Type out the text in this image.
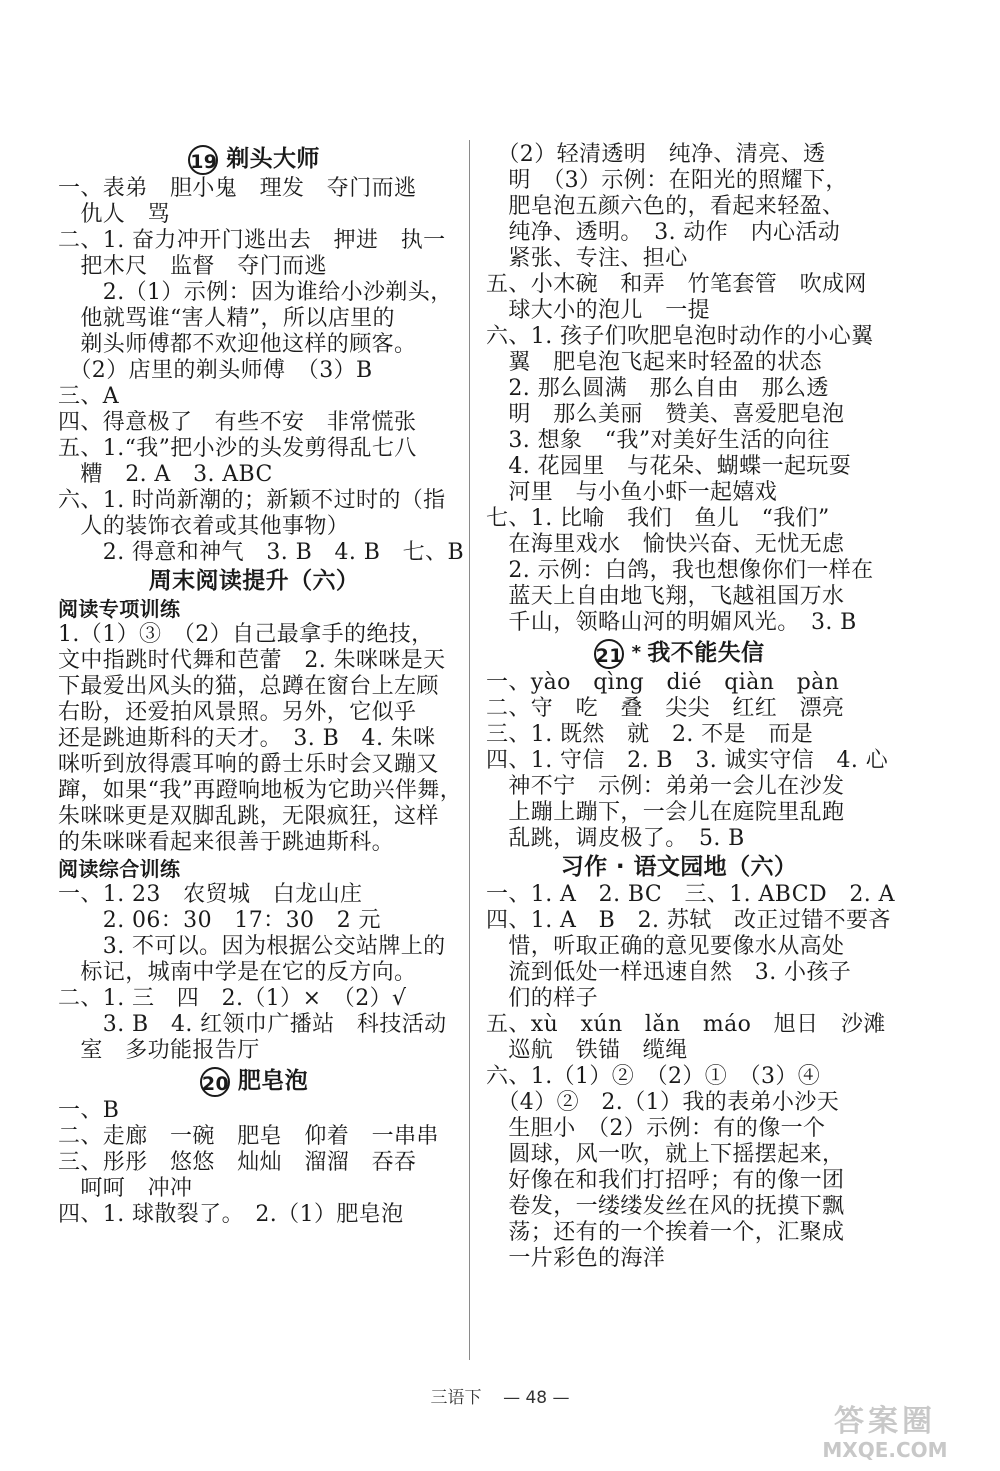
19 剃头大师
一、表弟　胆小鬼　理发　夺门而逃
　仇人　骂
二、1. 奋力冲开门逃出去　押进　执一
　把木尺　监督　夺门而逃
　　2.（1）示例：因为谁给小沙剃头，
　他就骂谁“害人精”，所以店里的
　剃头师傅都不欢迎他这样的顾客。
　（2）店里的剃头师傅　（3）B
三、A
四、得意极了　有些不安　非常慌张
五、1.“我”把小沙的头发剪得乱七八
　糟　2. A　3. ABC
六、1. 时尚新潮的；新颖不过时的（指
　人的装饰衣着或其他事物）
　　2. 得意和神气　3. B　4. B　七、B
周末阅读提升（六）
阅读专项训练
1.（1）③　（2）自己最拿手的绝技，
文中指跳时代舞和芭蕾　2. 朱咪咪是天
下最爱出风头的猫，总蹲在窗台上左顾
右盼，还爱拍风景照。另外，它似乎
还是跳迪斯科的天才。　3. B　4. 朱咪
咪听到放得震耳响的爵士乐时会又蹦又
蹿，如果“我”再蹬响地板为它助兴伴舞，
朱咪咪更是双脚乱跳，无限疯狂，这样
的朱咪咪看起来很善于跳迪斯科。
阅读综合训练
一、1. 23　农贸城　白龙山庄
　　2. 06：30　17：30　2 元
　　3. 不可以。因为根据公交站牌上的
　标记，城南中学是在它的反方向。
二、1. 三　四　2.（1）×　（2）√
　　3. B　4. 红领巾广播站　科技活动
　室　多功能报告厅
20 肥皂泡
一、B
二、走廊　一碗　肥皂　仰着　一串串
三、彤彤　悠悠　灿灿　溜溜　吞吞
　呵呵　冲冲
四、1. 球散裂了。　2.（1）肥皂泡
　（2）轻清透明　纯净、清亮、透
　明　（3）示例：在阳光的照耀下，
　肥皂泡五颜六色的，看起来轻盈、
　纯净、透明。　3. 动作　内心活动
　紧张、专注、担心
五、小木碗　和弄　竹笔套管　吹成网
　球大小的泡儿　一提
六、1. 孩子们吹肥皂泡时动作的小心翼
　翼　肥皂泡飞起来时轻盈的状态
　2. 那么圆满　那么自由　那么透
　明　那么美丽　赞美、喜爱肥皂泡
　3. 想象　“我”对美好生活的向往
　4. 花园里　与花朵、蝴蝶一起玩耍
　河里　与小鱼小虾一起嬉戏
七、1. 比喻　我们　鱼儿　“我们”
　在海里戏水　愉快兴奋、无忧无虑
　2. 示例：白鸽，我也想像你们一样在
　蓝天上自由地飞翔，飞越祖国万水
　千山，领略山河的明媚风光。　3. B
21 * 我不能失信
一、yào　qìng　dié　qiàn　pàn
二、守　吃　叠　尖尖　红红　漂亮
三、1. 既然　就　2. 不是　而是
四、1. 守信　2. B　3. 诚实守信　4. 心
　神不宁　示例：弟弟一会儿在沙发
　上蹦上蹦下，一会儿在庭院里乱跑
　乱跳，调皮极了。　5. B
习作 · 语文园地（六）
一、1. A　2. BC　三、1. ABCD　2. A
四、1. A　B　2. 苏轼　改正过错不要吝
　惜，听取正确的意见要像水从高处
　流到低处一样迅速自然　3. 小孩子
　们的样子
五、xù　xún　lǎn　máo　旭日　沙滩
　巡航　铁锚　缆绳
六、1.（1）②　（2）①　（3）④
　（4）②　2.（1）我的表弟小沙天
　生胆小　（2）示例：有的像一个
　圆球，风一吹，就上下摇摆起来，
　好像在和我们打招呼；有的像一团
　卷发，一缕缕发丝在风的抚摸下飘
　荡；还有的一个挨着一个，汇聚成
　一片彩色的海洋
三语下 — 48 —
答案圈
MXQE.COM
